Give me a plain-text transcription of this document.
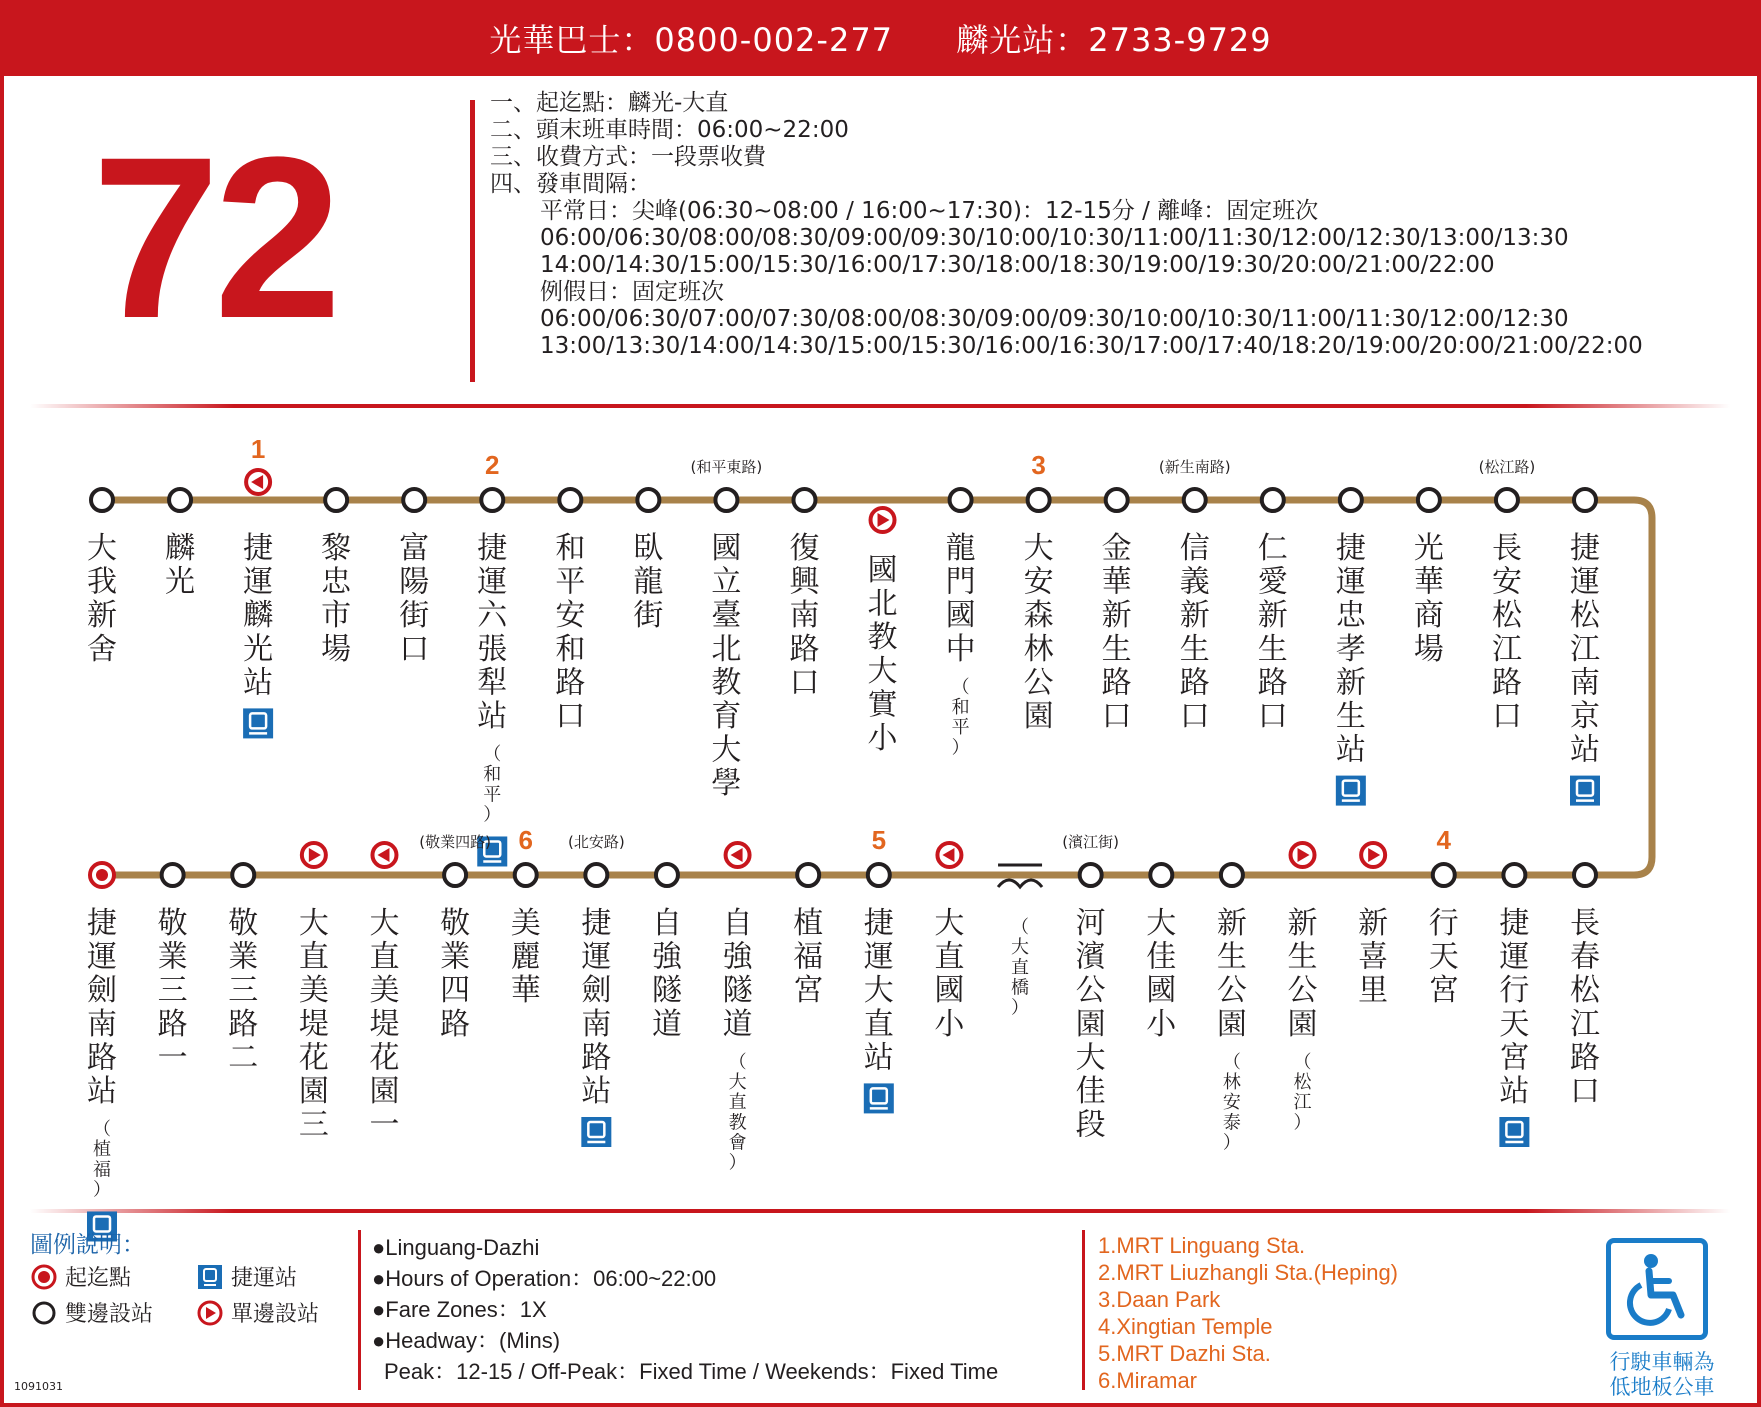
光華巴士：0800-002-277 麟光站：2733-9729
72
一、起迄點：麟光-大直
二、頭末班車時間：06:00~22:00
三、收費方式：一段票收費
四、發車間隔：
平常日：尖峰(06:30~08:00 / 16:00~17:30)：12-15分 / 離峰：固定班次
06:00/06:30/08:00/08:30/09:00/09:30/10:00/10:30/11:00/11:30/12:00/12:30/13:00/13:30
14:00/14:30/15:00/15:30/16:00/17:30/18:00/18:30/19:00/19:30/20:00/21:00/22:00
例假日：固定班次
06:00/06:30/07:00/07:30/08:00/08:30/09:00/09:30/10:00/10:30/11:00/11:30/12:00/12:30
13:00/13:30/14:00/14:30/15:00/15:30/16:00/16:30/17:00/17:40/18:20/19:00/20:00/21:00/22:00
大我新舍
麟光
1
捷運麟光站
黎忠市場
富陽街口
2
捷運六張犁站
（和平）
和平安和路口
臥龍街
(和平東路)
國立臺北教育大學
復興南路口
國北教大實小
龍門國中
（和平）
3
大安森林公園
金華新生路口
(新生南路)
信義新生路口
仁愛新生路口
捷運忠孝新生站
光華商場
(松江路)
長安松江路口
捷運松江南京站
捷運劍南路站
（植福）
敬業三路一
敬業三路二
大直美堤花園三
大直美堤花園一
(敬業四路)
敬業四路
6
美麗華
(北安路)
捷運劍南路站
自強隧道
自強隧道
（大直教會）
植福宮
5
捷運大直站
大直國小
（大直橋）
(濱江街)
河濱公園大佳段
大佳國小
新生公園
（林安泰）
新生公園
（松江）
新喜里
4
行天宮
捷運行天宮站
長春松江路口
圖例說明：
起迄點	捷運站
雙邊設站	單邊設站
●Linguang-Dazhi
●Hours of Operation：06:00~22:00
●Fare Zones：1X
●Headway：(Mins)
Peak：12-15 / Off-Peak：Fixed Time / Weekends：Fixed Time
1.MRT Linguang Sta.
2.MRT Liuzhangli Sta.(Heping)
3.Daan Park
4.Xingtian Temple
5.MRT Dazhi Sta.
6.Miramar
1091031
行駛車輛為
低地板公車
